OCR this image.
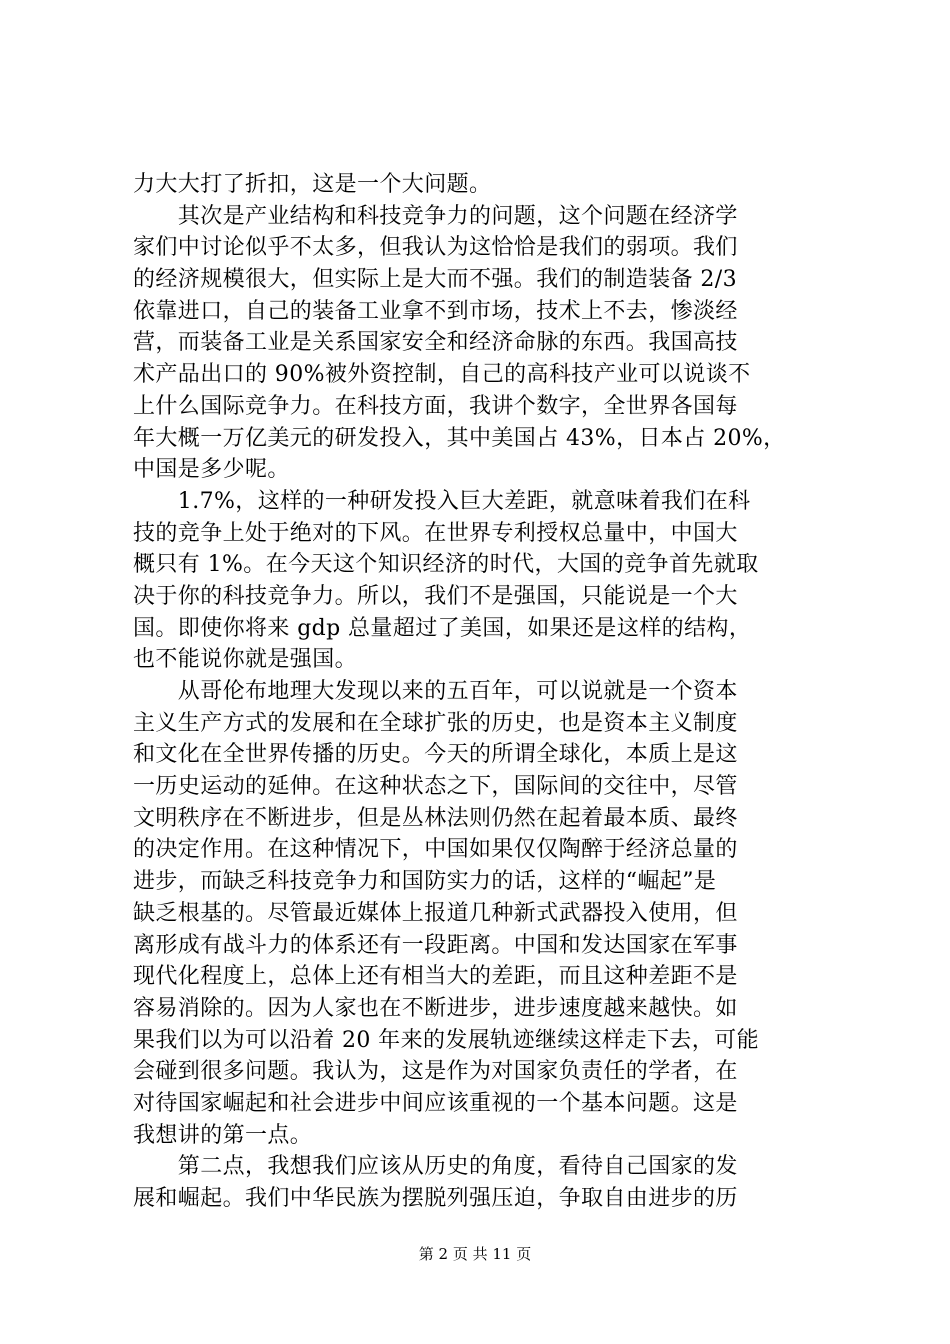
力大大打了折扣，这是一个大问题。
　　其次是产业结构和科技竞争力的问题，这个问题在经济学
家们中讨论似乎不太多，但我认为这恰恰是我们的弱项。我们
的经济规模很大，但实际上是大而不强。我们的制造装备 2/3
依靠进口，自己的装备工业拿不到市场，技术上不去，惨淡经
营，而装备工业是关系国家安全和经济命脉的东西。我国高技
术产品出口的 90%被外资控制，自己的高科技产业可以说谈不
上什么国际竞争力。在科技方面，我讲个数字，全世界各国每
年大概一万亿美元的研发投入，其中美国占 43%，日本占 20%，
中国是多少呢。
　　1.7%，这样的一种研发投入巨大差距，就意味着我们在科
技的竞争上处于绝对的下风。在世界专利授权总量中，中国大
概只有 1%。在今天这个知识经济的时代，大国的竞争首先就取
决于你的科技竞争力。所以，我们不是强国，只能说是一个大
国。即使你将来 gdp 总量超过了美国，如果还是这样的结构，
也不能说你就是强国。
　　从哥伦布地理大发现以来的五百年，可以说就是一个资本
主义生产方式的发展和在全球扩张的历史，也是资本主义制度
和文化在全世界传播的历史。今天的所谓全球化，本质上是这
一历史运动的延伸。在这种状态之下，国际间的交往中，尽管
文明秩序在不断进步，但是丛林法则仍然在起着最本质、最终
的决定作用。在这种情况下，中国如果仅仅陶醉于经济总量的
进步，而缺乏科技竞争力和国防实力的话，这样的“崛起”是
缺乏根基的。尽管最近媒体上报道几种新式武器投入使用，但
离形成有战斗力的体系还有一段距离。中国和发达国家在军事
现代化程度上，总体上还有相当大的差距，而且这种差距不是
容易消除的。因为人家也在不断进步，进步速度越来越快。如
果我们以为可以沿着 20 年来的发展轨迹继续这样走下去，可能
会碰到很多问题。我认为，这是作为对国家负责任的学者，在
对待国家崛起和社会进步中间应该重视的一个基本问题。这是
我想讲的第一点。
　　第二点，我想我们应该从历史的角度，看待自己国家的发
展和崛起。我们中华民族为摆脱列强压迫，争取自由进步的历
第 2 页 共 11 页
